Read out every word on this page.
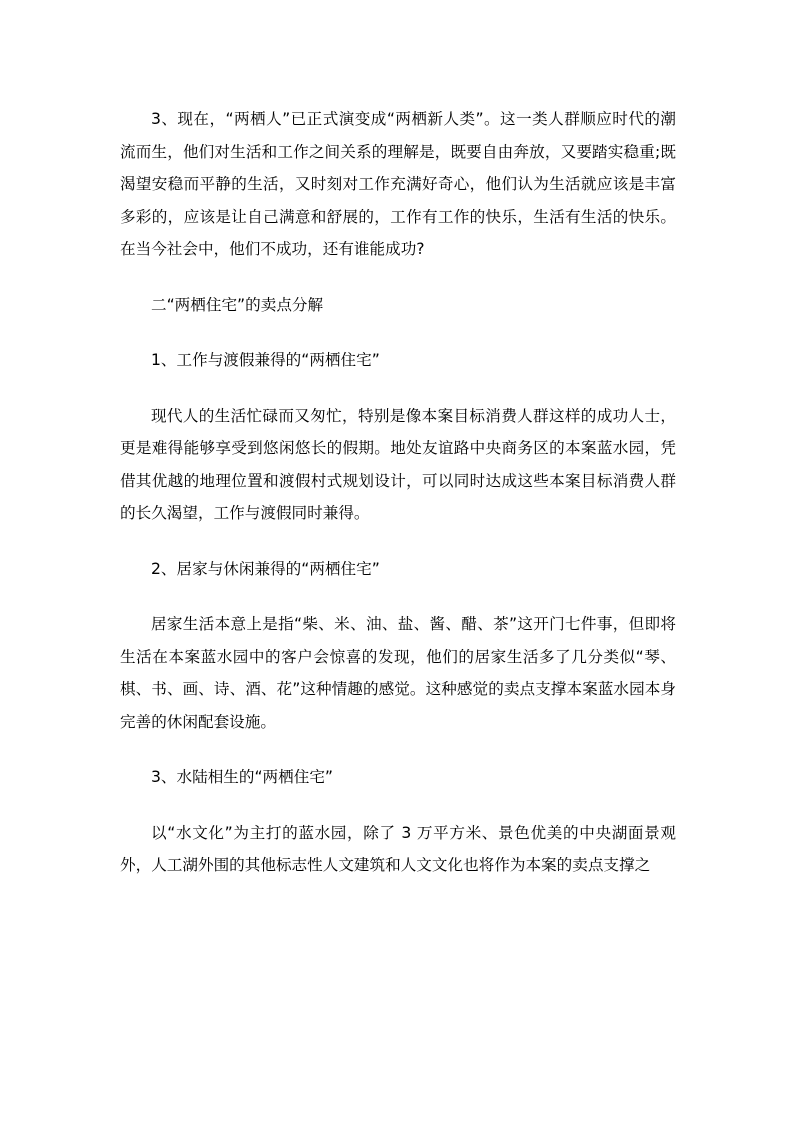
3、现在，“两栖人”已正式演变成“两栖新人类”。这一类人群顺应时代的潮流而生，他们对生活和工作之间关系的理解是，既要自由奔放，又要踏实稳重;既渴望安稳而平静的生活，又时刻对工作充满好奇心，他们认为生活就应该是丰富多彩的，应该是让自己满意和舒展的，工作有工作的快乐，生活有生活的快乐。在当今社会中，他们不成功，还有谁能成功?

二“两栖住宅”的卖点分解

1、工作与渡假兼得的“两栖住宅”

现代人的生活忙碌而又匆忙，特别是像本案目标消费人群这样的成功人士，更是难得能够享受到悠闲悠长的假期。地处友谊路中央商务区的本案蓝水园，凭借其优越的地理位置和渡假村式规划设计，可以同时达成这些本案目标消费人群的长久渴望，工作与渡假同时兼得。

2、居家与休闲兼得的“两栖住宅”

居家生活本意上是指“柴、米、油、盐、酱、醋、茶”这开门七件事，但即将生活在本案蓝水园中的客户会惊喜的发现，他们的居家生活多了几分类似“琴、棋、书、画、诗、酒、花”这种情趣的感觉。这种感觉的卖点支撑本案蓝水园本身完善的休闲配套设施。

3、水陆相生的“两栖住宅”

以“水文化”为主打的蓝水园，除了 3 万平方米、景色优美的中央湖面景观外，人工湖外围的其他标志性人文建筑和人文文化也将作为本案的卖点支撑之
